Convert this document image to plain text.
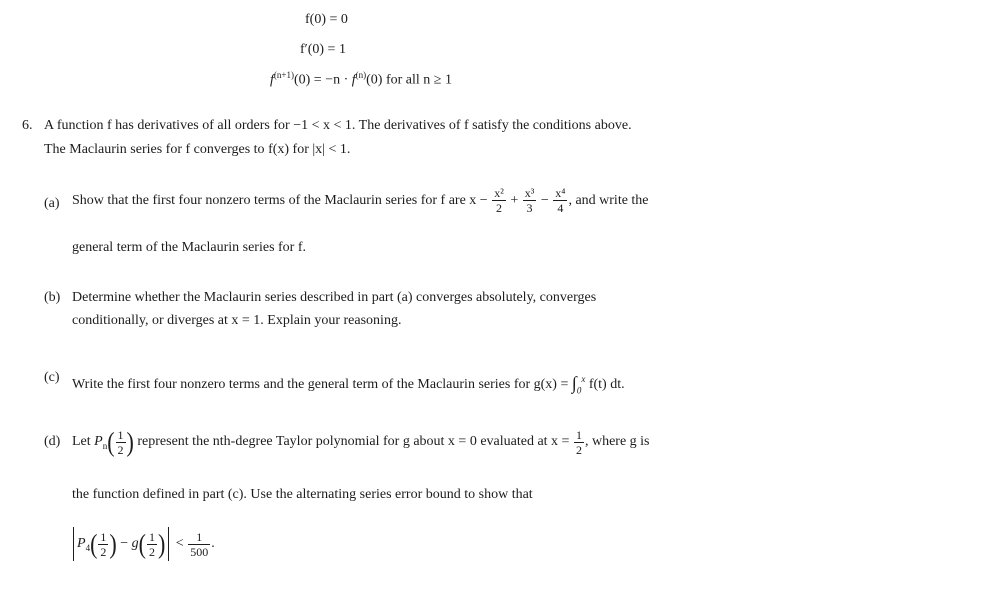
f(0) = 0
f′(0) = 1
$f^{(n+1)}(0) = -n \cdot f^{(n)}(0)$ for all n ≥ 1
6. A function f has derivatives of all orders for −1 < x < 1. The derivatives of f satisfy the conditions above.
The Maclaurin series for f converges to f(x) for |x| < 1.
(a) Show that the first four nonzero terms of the Maclaurin series for f are $x - \frac{\text{x²}}{2} + \frac{\text{x³}}{3} - \frac{\text{x⁴}}{4}$ , and write the
general term of the Maclaurin series for f.
(b) Determine whether the Maclaurin series described in part (a) converges absolutely, converges
conditionally, or diverges at x = 1. Explain your reasoning.
(c) Write the first four nonzero terms and the general term of the Maclaurin series for $g(x) = \int_0^x$ f(t) dt.
(d) Let $P_n( \frac{1}{2}$ ) represent the nth-degree Taylor polynomial for g about x = 0 evaluated at $x = \frac{1}{2}$ , where g is
the function defined in part (c). Use the alternating series error bound to show that
$P_4( \frac{1}{2}$ ) − $g( \frac{1}{2}$ ) < $\frac{1}{500}$ .
